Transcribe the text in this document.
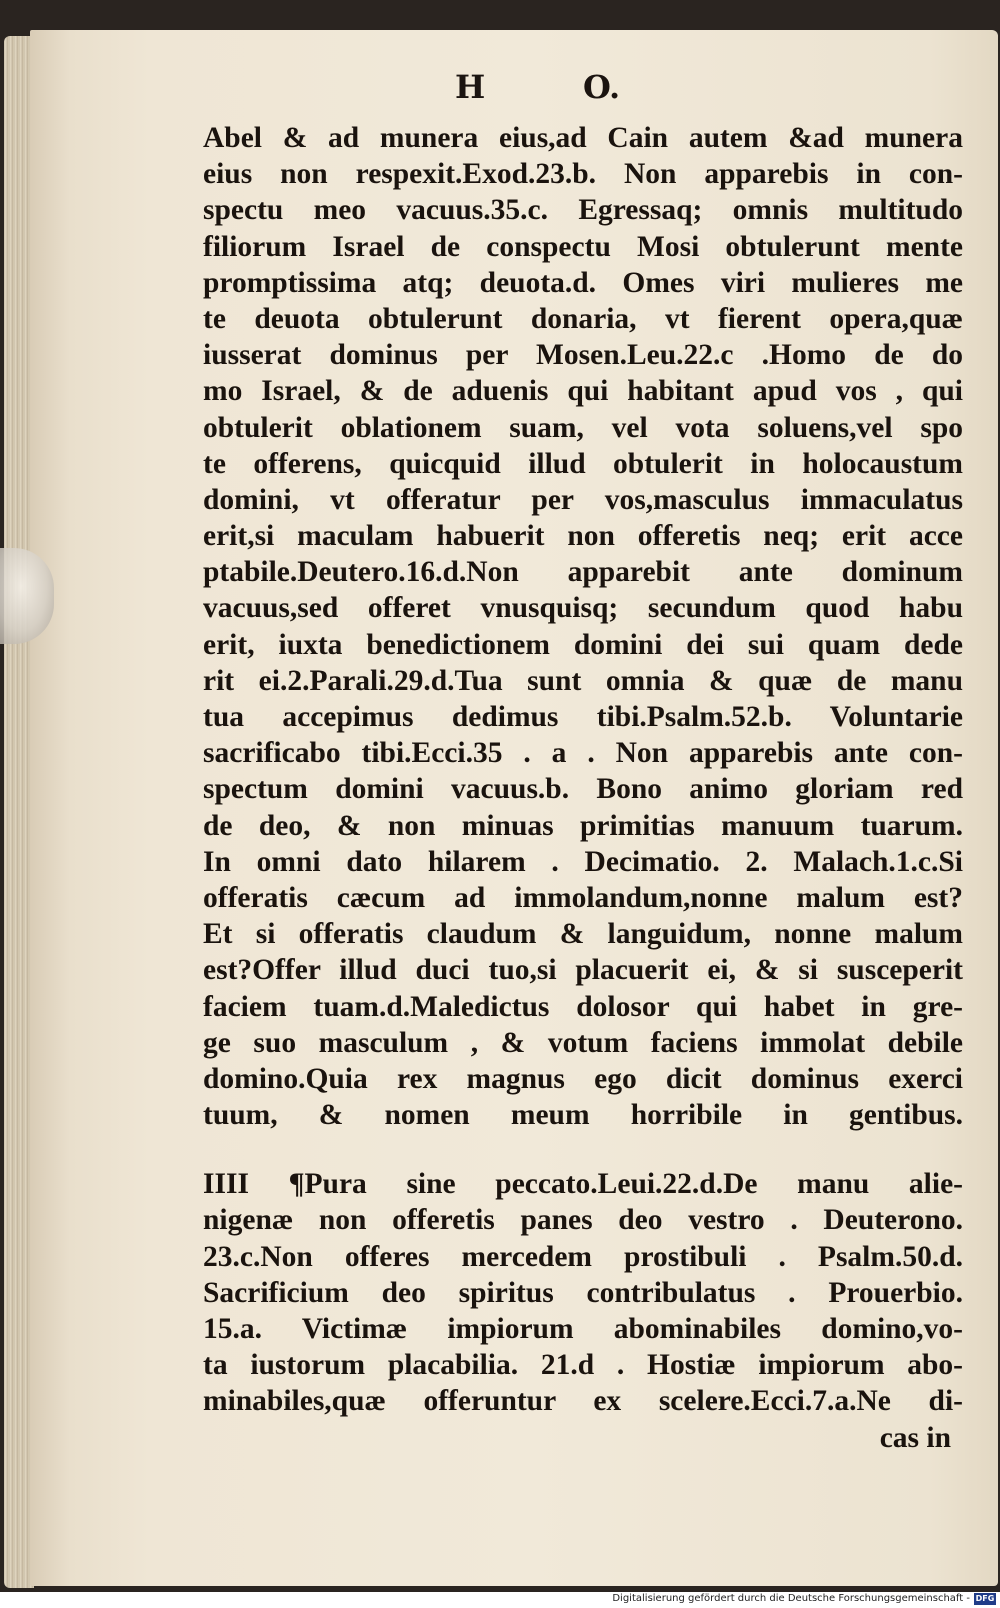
H	O.
Abel & ad munera eius,ad Cain autem &ad munera
eius non respexit.Exod.23.b. Non apparebis in con-
spectu meo vacuus.35.c. Egressaq; omnis multitudo
filiorum Israel de conspectu Mosi obtulerunt mente
promptissima atq; deuota.d. Omes viri mulieres me
te deuota obtulerunt donaria, vt fierent opera,quæ
iusserat dominus per Mosen.Leu.22.c .Homo de do
mo Israel, & de aduenis qui habitant apud vos , qui
obtulerit oblationem suam, vel vota soluens,vel spo
te offerens, quicquid illud obtulerit in holocaustum
domini, vt offeratur per vos,masculus immaculatus
erit,si maculam habuerit non offeretis neq; erit acce
ptabile.Deutero.16.d.Non apparebit ante dominum
vacuus,sed offeret vnusquisq; secundum quod habu
erit, iuxta benedictionem domini dei sui quam dede
rit ei.2.Parali.29.d.Tua sunt omnia & quæ de manu
tua accepimus dedimus tibi.Psalm.52.b. Voluntarie
sacrificabo tibi.Ecci.35 . a . Non apparebis ante con-
spectum domini vacuus.b. Bono animo gloriam red
de deo, & non minuas primitias manuum tuarum.
In omni dato hilarem . Decimatio. 2. Malach.1.c.Si
offeratis cæcum ad immolandum,nonne malum est?
Et si offeratis claudum & languidum, nonne malum
est?Offer illud duci tuo,si placuerit ei, & si susceperit
faciem tuam.d.Maledictus dolosor qui habet in gre-
ge suo masculum , & votum faciens immolat debile
domino.Quia rex magnus ego dicit dominus exerci
tuum, & nomen meum horribile in gentibus.
IIII ¶Pura sine peccato.Leui.22.d.De manu alie-
nigenæ non offeretis panes deo vestro . Deuterono.
23.c.Non offeres mercedem prostibuli . Psalm.50.d.
Sacrificium deo spiritus contribulatus . Prouerbio.
15.a. Victimæ impiorum abominabiles domino,vo-
ta iustorum placabilia. 21.d . Hostiæ impiorum abo-
minabiles,quæ offeruntur ex scelere.Ecci.7.a.Ne di-
cas in
Digitalisierung gefördert durch die Deutsche Forschungsgemeinschaft - DFG
